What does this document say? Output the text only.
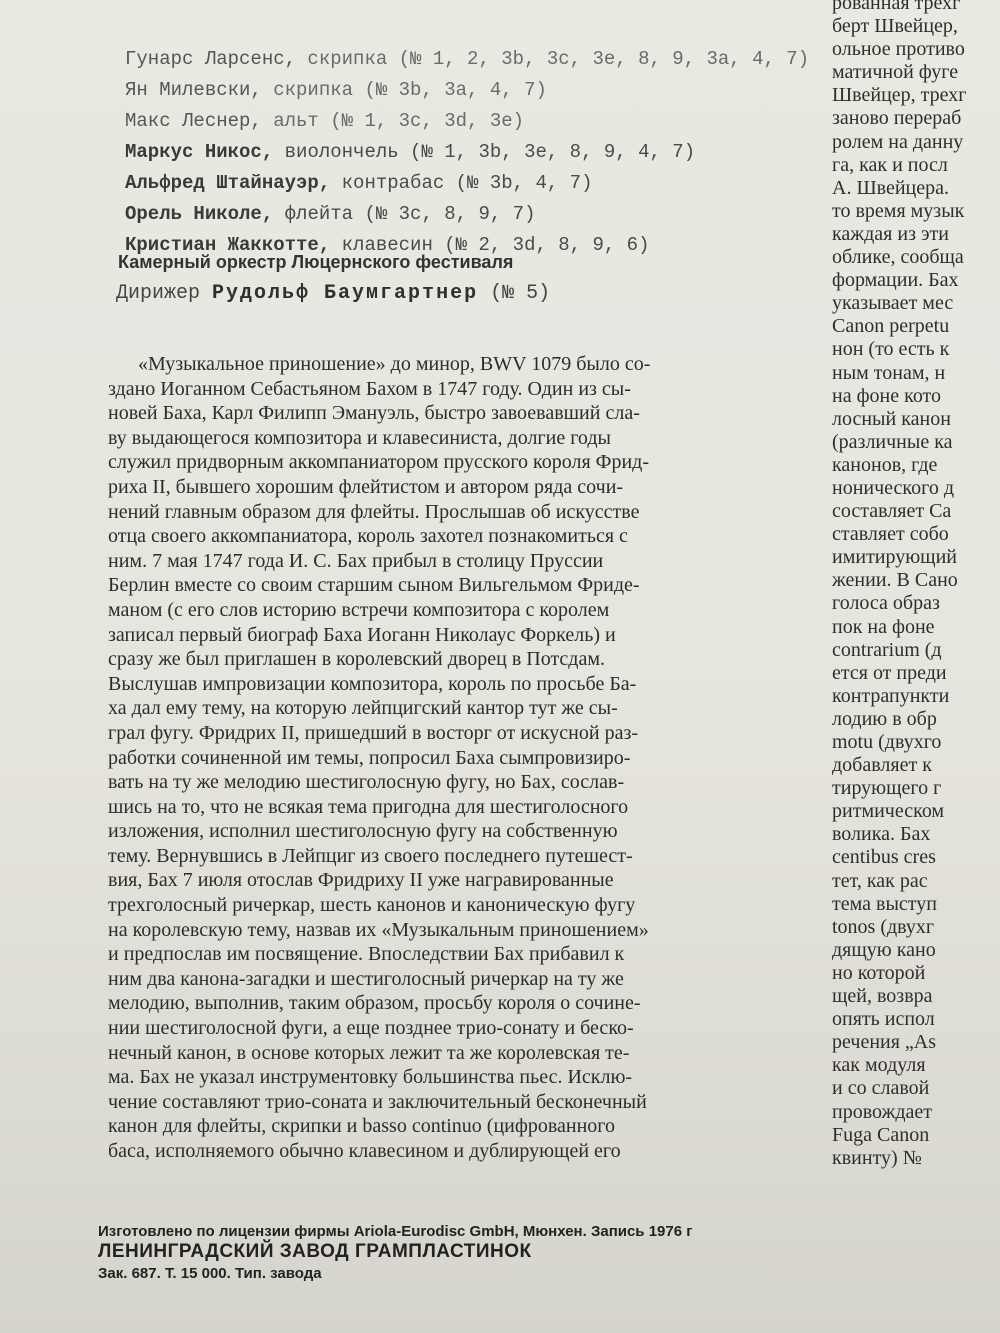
Гунарс Ларсенс, скрипка (№ 1, 2, 3b, 3c, 3e, 8, 9, 3a, 4, 7)
Ян Милевски, скрипка (№ 3b, 3a, 4, 7)
Макс Леснер, альт (№ 1, 3c, 3d, 3e)
Маркус Никос, виолончель (№ 1, 3b, 3e, 8, 9, 4, 7)
Альфред Штайнауэр, контрабас (№ 3b, 4, 7)
Орель Николе, флейта (№ 3c, 8, 9, 7)
Кристиан Жаккотте, клавесин (№ 2, 3d, 8, 9, 6)
Камерный оркестр Люцернского фестиваля
Дирижер Рудольф Баумгартнер (№ 5)
«Музыкальное приношение» до минор, BWV 1079 было со-
здано Иоганном Себастьяном Бахом в 1747 году. Один из сы-
новей Баха, Карл Филипп Эмануэль, быстро завоевавший сла-
ву выдающегося композитора и клавесиниста, долгие годы
служил придворным аккомпаниатором прусского короля Фрид-
риха II, бывшего хорошим флейтистом и автором ряда сочи-
нений главным образом для флейты. Прослышав об искусстве
отца своего аккомпаниатора, король захотел познакомиться с
ним. 7 мая 1747 года И. С. Бах прибыл в столицу Пруссии
Берлин вместе со своим старшим сыном Вильгельмом Фриде-
маном (с его слов историю встречи композитора с королем
записал первый биограф Баха Иоганн Николаус Форкель) и
сразу же был приглашен в королевский дворец в Потсдам.
Выслушав импровизации композитора, король по просьбе Ба-
ха дал ему тему, на которую лейпцигский кантор тут же сы-
грал фугу. Фридрих II, пришедший в восторг от искусной раз-
работки сочиненной им темы, попросил Баха сымпровизиро-
вать на ту же мелодию шестиголосную фугу, но Бах, сослав-
шись на то, что не всякая тема пригодна для шестиголосного
изложения, исполнил шестиголосную фугу на собственную
тему. Вернувшись в Лейпциг из своего последнего путешест-
вия, Бах 7 июля отослав Фридриху II уже награвированные
трехголосный ричеркар, шесть канонов и каноническую фугу
на королевскую тему, назвав их «Музыкальным приношением»
и предпослав им посвящение. Впоследствии Бах прибавил к
ним два канона-загадки и шестиголосный ричеркар на ту же
мелодию, выполнив, таким образом, просьбу короля о сочине-
нии шестиголосной фуги, а еще позднее трио-сонату и беско-
нечный канон, в основе которых лежит та же королевская те-
ма. Бах не указал инструментовку большинства пьес. Исклю-
чение составляют трио-соната и заключительный бесконечный
канон для флейты, скрипки и basso continuo (цифрованного
баса, исполняемого обычно клавесином и дублирующей его
рованная трехг
берт Швейцер,
ольное противо
матичной фуге
Швейцер, трехг
заново перераб
ролем на данну
га, как и посл
А. Швейцера.
то время музык
каждая из эти
облике, сообща
формации. Бах
указывает мес
Canon perpetu
нон (то есть к
ным тонам, н
на фоне кото
лосный канон
(различные ка
канонов, где
нонического д
составляет Са
ставляет собо
имитирующий
жении. В Сано
голоса образ
пок на фоне
contrarium (д
ется от преди
контрапункти
лодию в обр
motu (двухго
добавляет к
тирующего г
ритмическом
волика. Бах
centibus cres
тет, как рас
тема выступ
tonos (двухг
дящую кано
но которой
щей, возвра
опять испол
речения „As
как модуля
и со славой
провождает
Fuga Canon
квинту) №
Изготовлено по лицензии фирмы Ariola-Eurodisc GmbH, Мюнхен. Запись 1976 г
ЛЕНИНГРАДСКИЙ ЗАВОД ГРАМПЛАСТИНОК
Зак. 687. Т. 15 000. Тип. завода
